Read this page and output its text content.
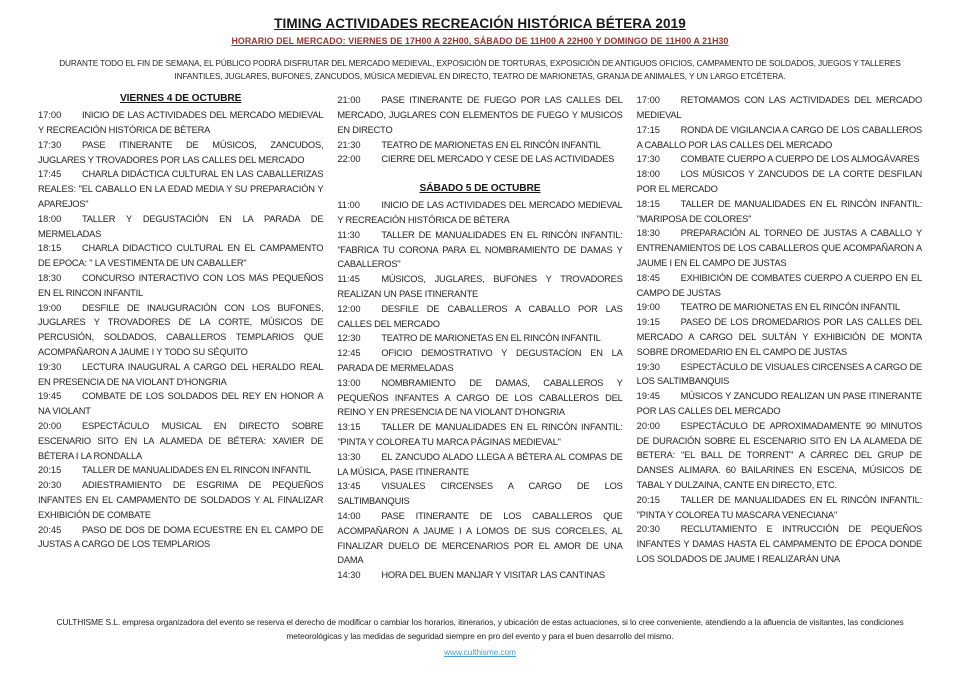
TIMING ACTIVIDADES RECREACIÓN HISTÓRICA BÉTERA 2019
HORARIO DEL MERCADO: VIERNES DE 17H00 A 22H00, SÁBADO DE 11H00 A 22H00 Y DOMINGO DE 11H00 A 21H30
DURANTE TODO EL FIN DE SEMANA, EL PÚBLICO PODRÁ DISFRUTAR DEL MERCADO MEDIEVAL, EXPOSICIÓN DE TORTURAS, EXPOSICIÓN DE ANTIGUOS OFICIOS, CAMPAMENTO DE SOLDADOS, JUEGOS Y TALLERES INFANTILES, JUGLARES, BUFONES, ZANCUDOS, MÚSICA MEDIEVAL EN DIRECTO, TEATRO DE MARIONETAS, GRANJA DE ANIMALES, Y UN LARGO ETCÉTERA.
VIERNES 4 DE OCTUBRE

17:00 INICIO DE LAS ACTIVIDADES DEL MERCADO MEDIEVAL Y RECREACIÓN HISTÓRICA DE BÉTERA

17:30 PASE ITINERANTE DE MÚSICOS, ZANCUDOS, JUGLARES Y TROVADORES POR LAS CALLES DEL MERCADO

17:45 CHARLA DIDÁCTICA CULTURAL EN LAS CABALLERIZAS REALES: "EL CABALLO EN LA EDAD MEDIA Y SU PREPARACIÓN Y APAREJOS"

18:00 TALLER Y DEGUSTACIÓN EN LA PARADA DE MERMELADAS

18:15 CHARLA DIDACTICO CULTURAL EN EL CAMPAMENTO DE EPOCA: " LA VESTIMENTA DE UN CABALLER"

18:30 CONCURSO INTERACTIVO CON LOS MÁS PEQUEÑOS EN EL RINCON INFANTIL

19:00 DESFILE DE INAUGURACIÓN CON LOS BUFONES, JUGLARES Y TROVADORES DE LA CORTE, MÚSICOS DE PERCUSIÓN, SOLDADOS, CABALLEROS TEMPLARIOS QUE ACOMPAÑARON A JAUME I Y TODO SU SÉQUITO

19:30 LECTURA INAUGURAL A CARGO DEL HERALDO REAL EN PRESENCIA DE NA VIOLANT D'HONGRIA

19:45 COMBATE DE LOS SOLDADOS DEL REY EN HONOR A NA VIOLANT

20:00 ESPECTÁCULO MUSICAL EN DIRECTO SOBRE ESCENARIO SITO EN LA ALAMEDA DE BÉTERA: XAVIER DE BÉTERA I LA RONDALLA

20:15 TALLER DE MANUALIDADES EN EL RINCON INFANTIL

20:30 ADIESTRAMIENTO DE ESGRIMA DE PEQUEÑOS INFANTES EN EL CAMPAMENTO DE SOLDADOS Y AL FINALIZAR EXHIBICIÓN DE COMBATE

20:45 PASO DE DOS DE DOMA ECUESTRE EN EL CAMPO DE JUSTAS A CARGO DE LOS TEMPLARIOS

21:00 PASE ITINERANTE DE FUEGO POR LAS CALLES DEL MERCADO, JUGLARES CON ELEMENTOS DE FUEGO Y MUSICOS EN DIRECTO

21:30 TEATRO DE MARIONETAS EN EL RINCÓN INFANTIL

22:00 CIERRE DEL MERCADO Y CESE DE LAS ACTIVIDADES

SÁBADO 5 DE OCTUBRE

11:00 INICIO DE LAS ACTIVIDADES DEL MERCADO MEDIEVAL Y RECREACIÓN HISTÓRICA DE BÉTERA

11:30 TALLER DE MANUALIDADES EN EL RINCÓN INFANTIL: "FABRICA TU CORONA PARA EL NOMBRAMIENTO DE DAMAS Y CABALLEROS"

11:45 MÚSICOS, JUGLARES, BUFONES Y TROVADORES REALIZAN UN PASE ITINERANTE

12:00 DESFILE DE CABALLEROS A CABALLO POR LAS CALLES DEL MERCADO

12:30 TEATRO DE MARIONETAS EN EL RINCÓN INFANTIL

12:45 OFICIO DEMOSTRATIVO Y DEGUSTACÍON EN LA PARADA DE MERMELADAS

13:00 NOMBRAMIENTO DE DAMAS, CABALLEROS Y PEQUEÑOS INFANTES A CARGO DE LOS CABALLEROS DEL REINO Y EN PRESENCIA DE NA VIOLANT D'HONGRIA

13:15 TALLER DE MANUALIDADES EN EL RINCÓN INFANTIL: "PINTA Y COLOREA TU MARCA PÁGINAS MEDIEVAL"

13:30 EL ZANCUDO ALADO LLEGA A BÉTERA AL COMPAS DE LA MÚSICA, PASE ITINERANTE

13:45 VISUALES CIRCENSES A CARGO DE LOS SALTIMBANQUIS

14:00 PASE ITINERANTE DE LOS CABALLEROS QUE ACOMPAÑARON A JAUME I A LOMOS DE SUS CORCELES, AL FINALIZAR DUELO DE MERCENARIOS POR EL AMOR DE UNA DAMA

14:30 HORA DEL BUEN MANJAR Y VISITAR LAS CANTINAS

17:00 RETOMAMOS CON LAS ACTIVIDADES DEL MERCADO MEDIEVAL

17:15 RONDA DE VIGILANCIA A CARGO DE LOS CABALLEROS A CABALLO POR LAS CALLES DEL MERCADO

17:30 COMBATE CUERPO A CUERPO DE LOS ALMOGÁVARES

18:00 LOS MÚSICOS Y ZANCUDOS DE LA CORTE DESFILAN POR EL MERCADO

18:15 TALLER DE MANUALIDADES EN EL RINCÓN INFANTIL: "MARIPOSA DE COLORES"

18:30 PREPARACIÓN AL TORNEO DE JUSTAS A CABALLO Y ENTRENAMIENTOS DE LOS CABALLEROS QUE ACOMPAÑARON A JAUME I EN EL CAMPO DE JUSTAS

18:45 EXHIBICIÓN DE COMBATES CUERPO A CUERPO EN EL CAMPO DE JUSTAS

19:00 TEATRO DE MARIONETAS EN EL RINCÓN INFANTIL

19:15 PASEO DE LOS DROMEDARIOS POR LAS CALLES DEL MERCADO A CARGO DEL SULTÁN Y EXHIBICIÓN DE MONTA SOBRE DROMEDARIO EN EL CAMPO DE JUSTAS

19:30 ESPECTÁCULO DE VISUALES CIRCENSES A CARGO DE LOS SALTIMBANQUIS

19:45 MÚSICOS Y ZANCUDO REALIZAN UN PASE ITINERANTE POR LAS CALLES DEL MERCADO

20:00 ESPECTÁCULO DE APROXIMADAMENTE 90 MINUTOS DE DURACIÓN SOBRE EL ESCENARIO SITO EN LA ALAMEDA DE BETERA: "EL BALL DE TORRENT" A CÀRREC DEL GRUP DE DANSES ALIMARA. 60 BAILARINES EN ESCENA, MÚSICOS DE TABAL Y DULZAINA, CANTE EN DIRECTO, ETC.

20:15 TALLER DE MANUALIDADES EN EL RINCÓN INFANTIL: "PINTA Y COLOREA TU MASCARA VENECIANA"

20:30 RECLUTAMIENTO E INTRUCCIÓN DE PEQUEÑOS INFANTES Y DAMAS HASTA EL CAMPAMENTO DE ÉPOCA DONDE LOS SOLDADOS DE JAUME I REALIZARÁN UNA

CULTHISME S.L. empresa organizadora del evento se reserva el derecho de modificar o cambiar los horarios, itinerarios, y ubicación de estas actuaciones, si lo cree conveniente, atendiendo a la afluencia de visitantes, las condiciones meteorológicas y las medidas de seguridad siempre en pro del evento y para el buen desarrollo del mismo.
www.culthisme.com
